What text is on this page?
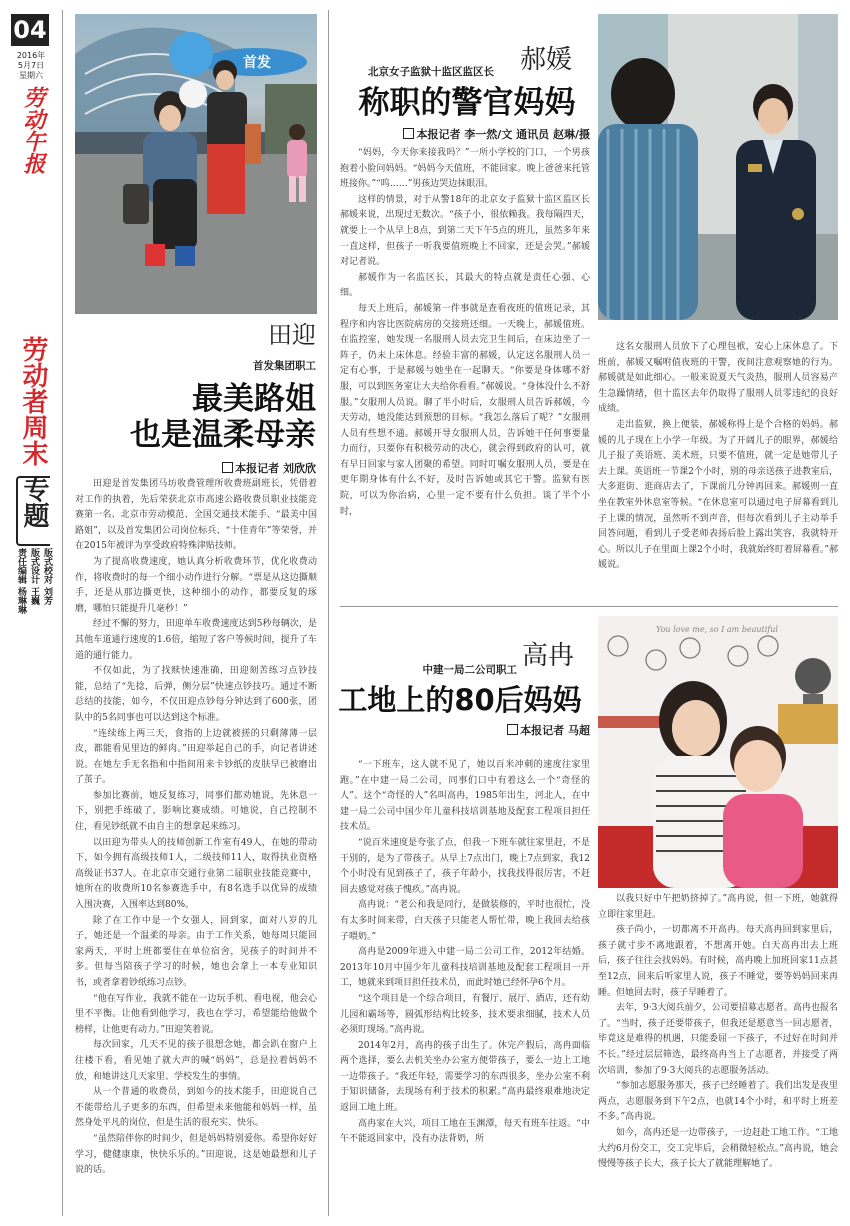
04
2016年
5月7日
星期六
劳动午报
劳动者周末
专题
版式校对 刘芳
版式设计 王巍
责任编辑 杨琳琳
首发
田迎
首发集团职工
最美路姐
也是温柔母亲
本报记者 刘欣欣

田迎是首发集团马坊收费管理所收费班副班长，凭借着对工作的执着，先后荣获北京市高速公路收费员职业技能竞赛第一名、北京市劳动模范、全国交通技术能手、“最美中国路姐”，以及首发集团公司岗位标兵、“十佳青年”等荣誉，并在2015年被评为享受政府特殊津贴技师。

为了提高收费速度，她认真分析收费环节，优化收费动作，将收费时的每一个细小动作进行分解。“票是从这边撕顺手，还是从那边撕更快，这种细小的动作，都要反复的琢磨，哪怕只能提升几毫秒！”

经过不懈的努力，田迎单车收费速度达到5秒每辆次，是其他车道通行速度的1.6倍，缩短了客户等候时间，提升了车道的通行能力。

不仅如此，为了找赎快速准确，田迎刻苦练习点钞技能，总结了“先捻，后弹，侧分层”快速点钞技巧。通过不断总结的技能，如今，不仅田迎点钞每分钟达到了600张，团队中的5名同事也可以达到这个标准。

“连续练上两三天，食指的上边就被搓的只剩薄薄一层皮，都能看见里边的鲜肉。”田迎举起自己的手，向记者讲述说。在她左手无名指和中指间用来卡钞纸的皮肤早已被磨出了茧子。

参加比赛前，她反复练习，同事们都劝她说，先休息一下，别把手练破了，影响比赛成绩。可她说，自己控制不住，看见钞纸就不由自主的想拿起来练习。

以田迎为带头人的技师创新工作室有49人，在她的带动下，如今拥有高级技师1人，二级技师11人，取得执业资格高级证书37人。在北京市交通行业第二届职业技能竞赛中，她所在的收费所10名参赛选手中，有8名选手以优异的成绩入围决赛，入围率达到80%。

除了在工作中是一个女强人，回到家，面对八岁的儿子，她还是一个温柔的母亲。由于工作关系，她每周只能回家两天，平时上班都要住在单位宿舍，见孩子的时间并不多。但每当陪孩子学习的时候，她也会拿上一本专业知识书，或者拿着钞纸练习点钞。

“他在写作业，我就不能在一边玩手机、看电视，他会心里不平衡。让他看到他学习，我也在学习，希望能给他做个榜样，让他更有动力。”田迎笑着说。

每次回家，几天不见的孩子很想念她，都会趴在窗户上往楼下看，看见她了就大声的喊“妈妈”，总是拉着妈妈不放，和她讲这几天家里、学校发生的事情。

从一个普通的收费员，到如今的技术能手，田迎说自己不能带给儿子更多的东西，但希望未来他能和妈妈一样，虽然身处平凡的岗位，但是生活的很充实、快乐。

“虽然陪伴你的时间少，但是妈妈特别爱你。希望你好好学习，健健康康，快快乐乐的。”田迎说，这是她最想和儿子说的话。

北京女子监狱十监区监区长	郝媛
称职的警官妈妈
本报记者 李一然/文 通讯员 赵琳/摄

“妈妈，今天你来接我吗？”一所小学校的门口，一个男孩抱着小脸问妈妈。“妈妈今天值班，不能回家。晚上爸爸来托管班接你。”“呜……”男孩边哭边抹眼泪。

这样的情景，对于从警18年的北京女子监狱十监区监区长郝媛来说，出现过无数次。“孩子小，很依赖我。我每隔四天，就要上一个从早上8点，到第二天下午5点的班儿，虽然多年来一直这样，但孩子一听我要值班晚上不回家，还是会哭。”郝媛对记者说。

郝媛作为一名监区长，其最大的特点就是责任心强、心细。

每天上班后，郝媛第一件事就是查看夜班的值班记录，其程序和内容比医院病房的交接班还细。一天晚上，郝媛值班。在监控室，她发现一名服刑人员去完卫生间后，在床边坐了一阵子，仍未上床休息。经验丰富的郝媛，认定这名服刑人员一定有心事，于是郝媛与她坐在一起聊天。“你要是身体哪不舒服，可以到医务室让大夫给你看看。”郝媛说。“身体没什么不舒服。”女服刑人员说。聊了半小时后，女服刑人员告诉郝媛，今天劳动，她没能达到预想的目标。“我怎么落后了呢？”女服刑人员有些想不通。郝媛开导女服刑人员，告诉她干任何事要量力而行，只要你有积极劳动的决心，就会得到政府的认可，就有早日回家与家人团聚的希望。同时叮嘱女服刑人员，要是在更年期身体有什么不好，及时告诉她或其它干警。监狱有医院，可以为你治病，心里一定不要有什么负担。谈了半个小时，

这名女服刑人员放下了心理包袱，安心上床休息了。下班前，郝媛又嘱咐值夜班的干警，夜间注意观察她的行为。郝媛就是如此细心。一般来说夏天气炎热，服刑人员容易产生急躁情绪，但十监区去年仍取得了服刑人员零违纪的良好成绩。

走出监狱，换上便装，郝媛称得上是个合格的妈妈。郝媛的儿子现在上小学一年级。为了开阔儿子的眼界，郝媛给儿子报了英语班、美术班，只要不值班，就一定是她带儿子去上课。英语班一节课2个小时，别的母亲送孩子进教室后，大多逛街、逛商店去了，下课前几分钟再回来。郝媛则一直坐在教室外休息室等候。“在休息室可以通过电子屏幕看到儿子上课的情况，虽然听不到声音，但每次看到儿子主动举手回答问题，看到儿子受老师表扬后脸上露出笑容，我就特开心。所以儿子在里面上课2个小时，我就始终盯着屏幕看。”郝媛说。

中建一局二公司职工 高冉
工地上的80后妈妈
本报记者 马超
You love me, so I am beautiful

“一下班车，这人就不见了，她以百米冲刺的速度往家里跑。”在中建一局二公司，同事们口中有着这么一个“奇怪的人”。这个“奇怪的人”名叫高冉，1985年出生，河北人，在中建一局二公司中国少年儿童科技培训基地及配套工程项目担任技术员。

“说百米速度是夸张了点，但我一下班车就往家里赶，不是干别的，是为了带孩子。从早上7点出门，晚上7点到家，我12个小时没有见到孩子了，孩子年龄小，找我找得很厉害，不赶回去感觉对孩子愧疚。”高冉说。

高冉说：“老公和我是同行，是做装修的，平时也很忙，没有太多时间来带，白天孩子只能老人帮忙带，晚上我回去给孩子喂奶。”

高冉是2009年进入中建一局二公司工作，2012年结婚。2013年10月中国少年儿童科技培训基地及配套工程项目一开工，她就来到项目担任技术员，而此时她已经怀孕6个月。

“这个项目是一个综合项目，有餐厅、展厅、酒店，还有幼儿园和霸场等，圆弧形结构比较多，技术要求细腻，技术人员必须盯现场。”高冉说。

2014年2月，高冉的孩子出生了。休完产假后，高冉面临两个选择，要么去机关坐办公室方便带孩子，要么一边上工地一边带孩子。“我还年轻，需要学习的东西很多，坐办公室不利于知识储备，去现场有利于技术的积累。”高冉最终艰难地决定返回工地上班。

高冉家在大兴，项目工地在玉渊潭，每天有班车往返。“中午不能返回家中，没有办法背奶，所

以我只好中午把奶挤掉了。”高冉说，但一下班，她就得立即往家里赶。

孩子尚小，一切都离不开高冉。每天高冉回到家里后，孩子就寸步不离地跟着，不想离开她。白天高冉出去上班后，孩子往往会找妈妈。有时候，高冉晚上加班回家11点甚至12点，回来后听家里人说，孩子不睡觉，要等妈妈回来再睡。但她回去时，孩子早睡着了。

去年，9·3大阅兵前夕，公司要招募志愿者。高冉也报名了。“当时，孩子还要带孩子，但我还是愿意当一回志愿者，毕竟这是难得的机遇，只能委屈一下孩子，不过好在时间并不长。”经过层层筛选，最终高冉当上了志愿者，并接受了两次培训，参加了9·3大阅兵的志愿服务活动。

“参加志愿服务那天，孩子已经睡着了。我们出发是夜里两点，志愿服务到下午2点，也就14个小时，和平时上班差不多。”高冉说。

如今，高冉还是一边带孩子，一边赶赴工地工作。“工地大约6月份交工，交工完毕后，会稍微轻松点。”高冉说，她会慢慢等孩子长大，孩子长大了就能理解她了。
